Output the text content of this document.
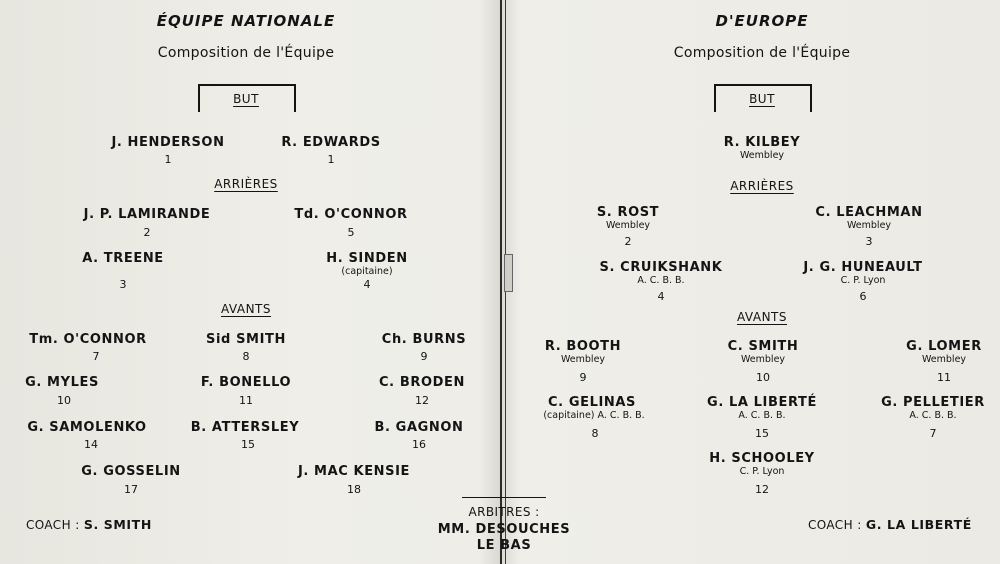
ÉQUIPE NATIONALE
Composition de l'Équipe
BUT
J. HENDERSON
1
R. EDWARDS
1
ARRIÈRES
J. P. LAMIRANDE
2
Td. O'CONNOR
5
A. TREENE
3
H. SINDEN
(capitaine)
4
AVANTS
Tm. O'CONNOR
7
Sid SMITH
8
Ch. BURNS
9
G. MYLES
10
F. BONELLO
11
C. BRODEN
12
G. SAMOLENKO
14
B. ATTERSLEY
15
B. GAGNON
16
G. GOSSELIN
17
J. MAC KENSIE
18
COACH : S. SMITH
ARBITRES :
MM. DESOUCHES
LE BAS
D'EUROPE
Composition de l'Équipe
BUT
R. KILBEY
Wembley
ARRIÈRES
S. ROST
Wembley
2
C. LEACHMAN
Wembley
3
S. CRUIKSHANK
A. C. B. B.
4
J. G. HUNEAULT
C. P. Lyon
6
AVANTS
R. BOOTH
Wembley
9
C. SMITH
Wembley
10
G. LOMER
Wembley
11
C. GELINAS
(capitaine) A. C. B. B.
8
G. LA LIBERTÉ
A. C. B. B.
15
G. PELLETIER
A. C. B. B.
7
H. SCHOOLEY
C. P. Lyon
12
COACH : G. LA LIBERTÉ
